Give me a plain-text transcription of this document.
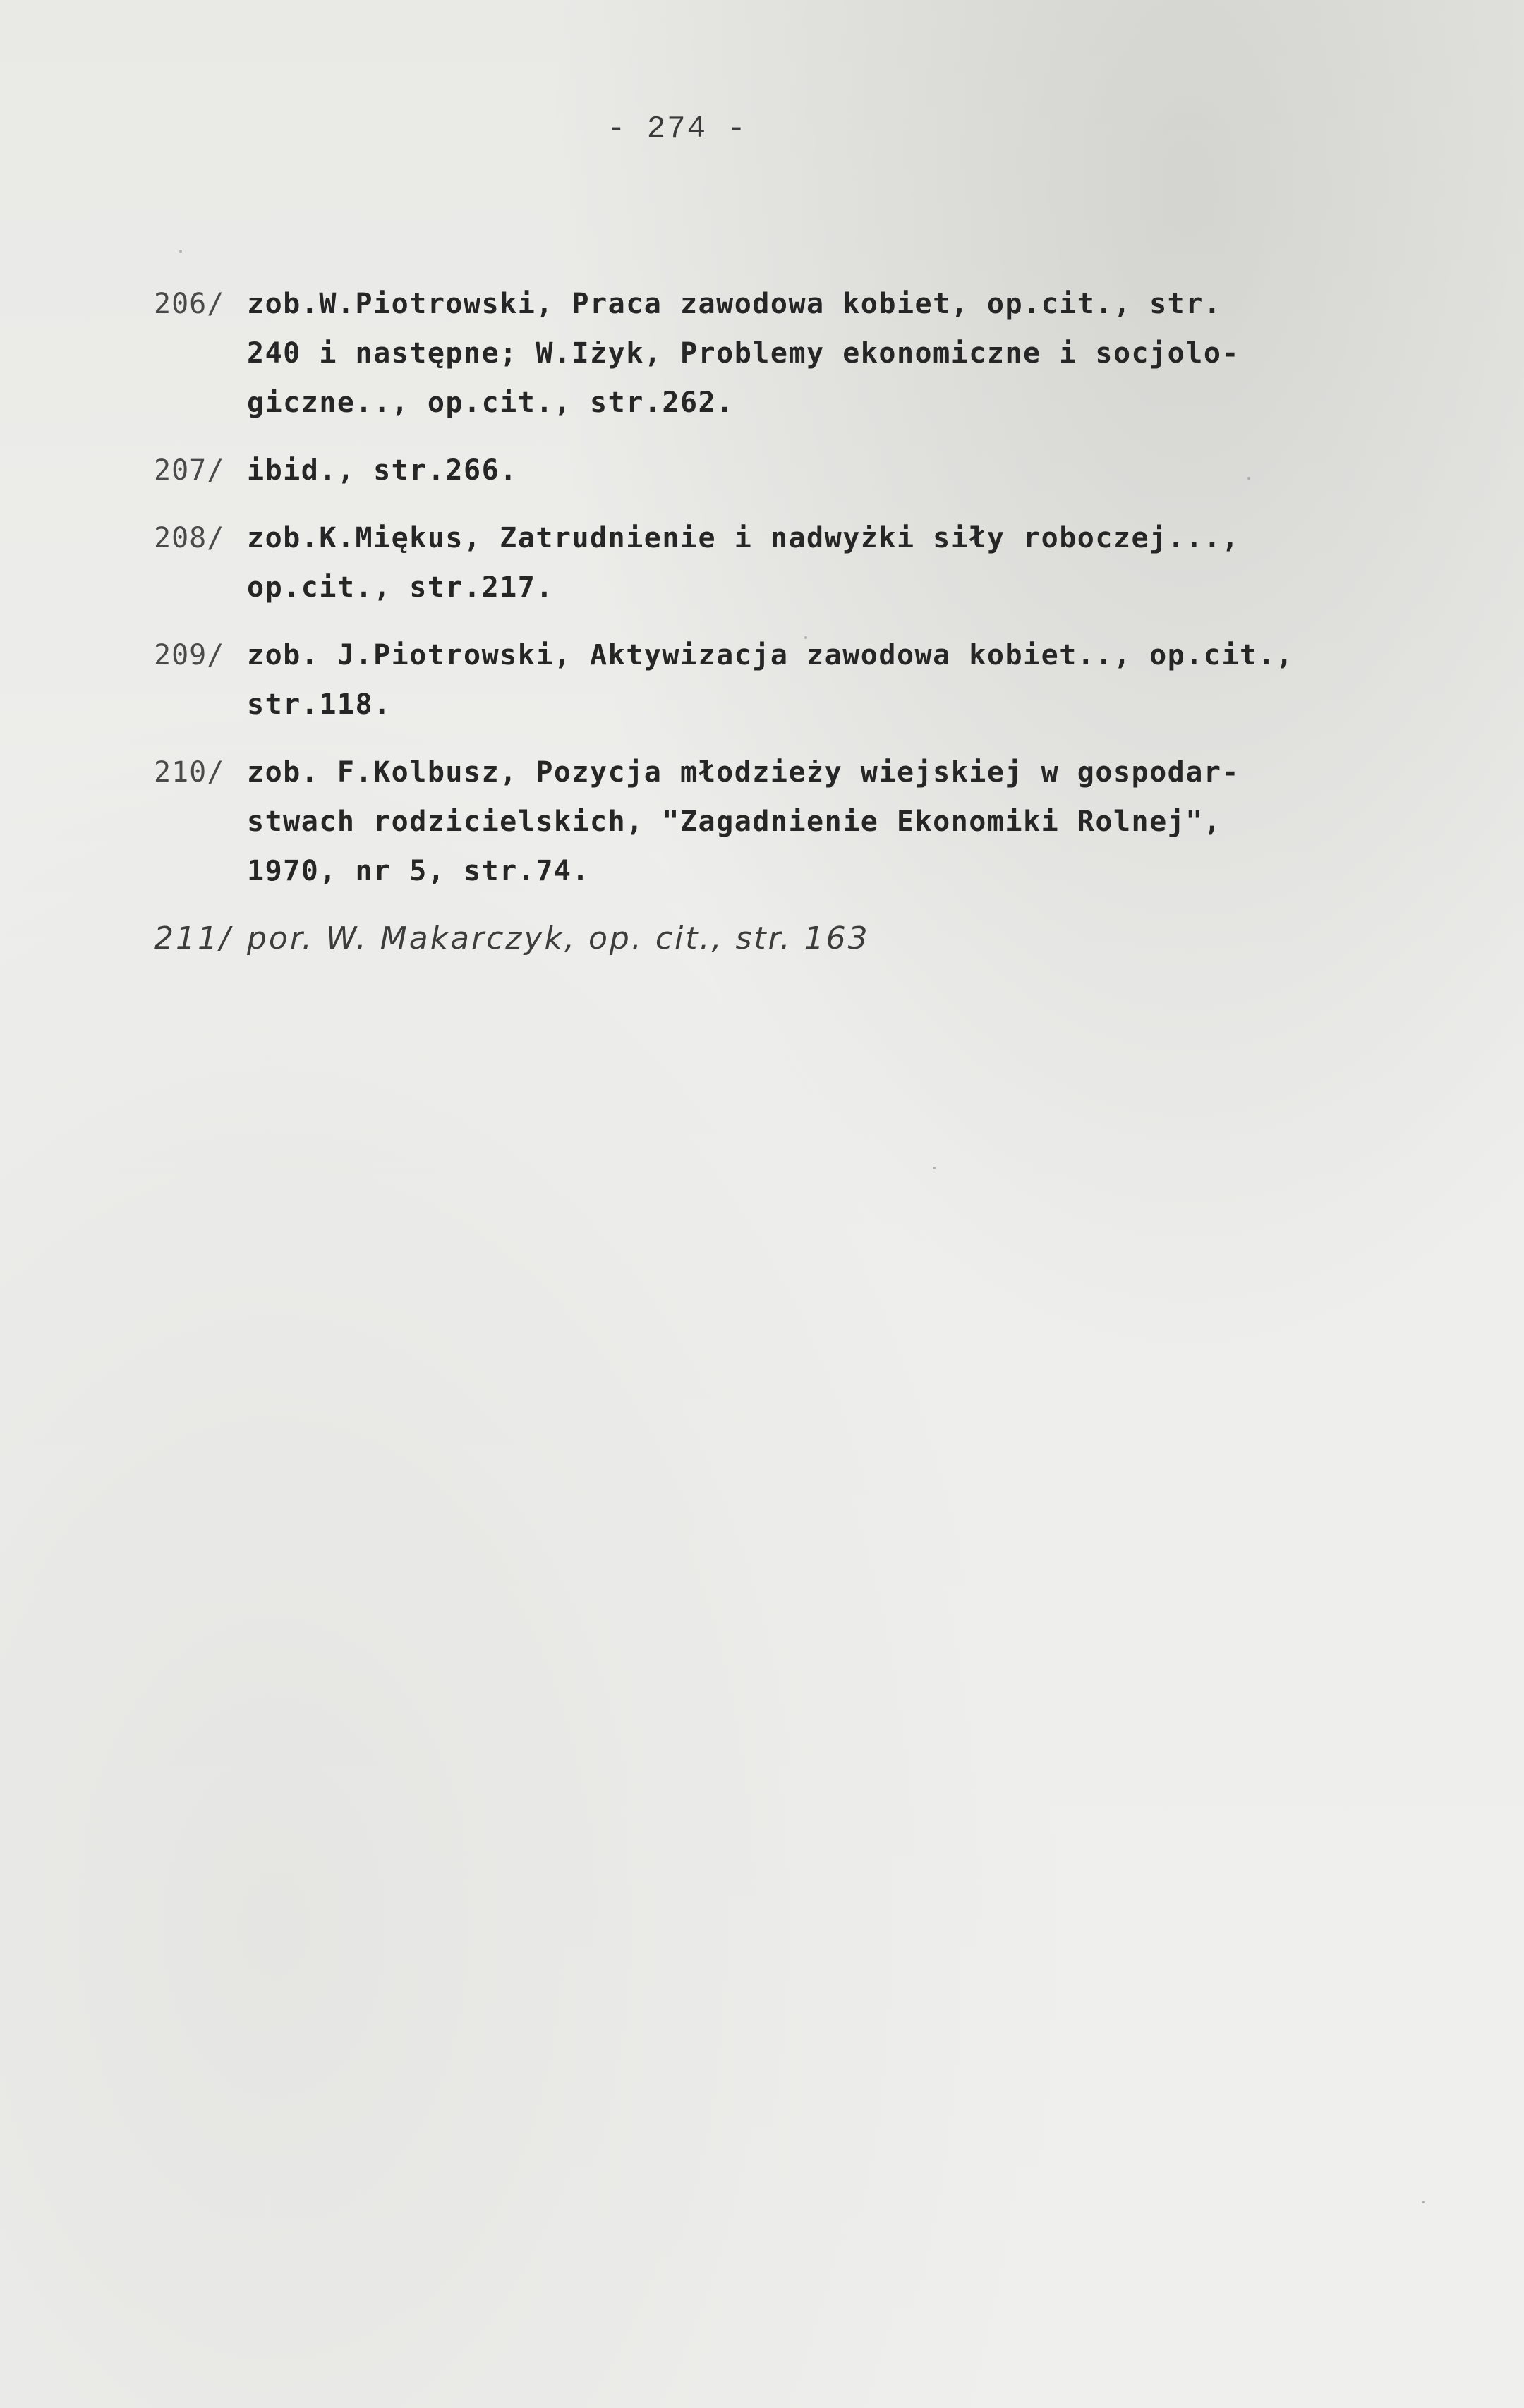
- 274 -
206/ zob.W.Piotrowski, Praca zawodowa kobiet, op.cit., str.
240 i następne; W.Iżyk, Problemy ekonomiczne i socjolo-
giczne.., op.cit., str.262.
207/ ibid., str.266.
208/ zob.K.Miękus, Zatrudnienie i nadwyżki siły roboczej...,
op.cit., str.217.
209/ zob. J.Piotrowski, Aktywizacja zawodowa kobiet.., op.cit.,
str.118.
210/ zob. F.Kolbusz, Pozycja młodzieży wiejskiej w gospodar-
stwach rodzicielskich, "Zagadnienie Ekonomiki Rolnej",
1970, nr 5, str.74.
211/ por. W. Makarczyk, op. cit., str. 163
